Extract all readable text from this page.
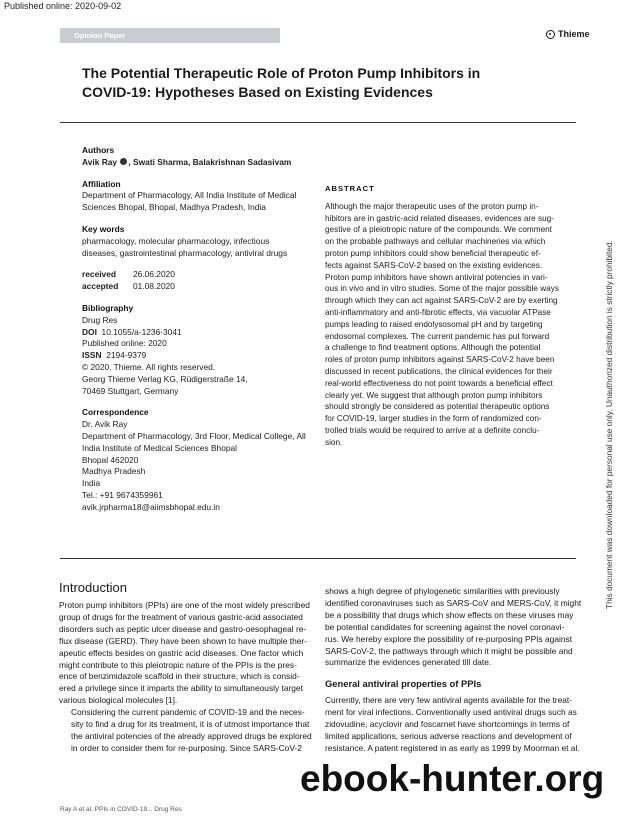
Published online: 2020-09-02
Opinion Paper	Thieme
The Potential Therapeutic Role of Proton Pump Inhibitors in
COVID-19: Hypotheses Based on Existing Evidences
Authors
Avik Ray , Swati Sharma, Balakrishnan Sadasivam
Affiliation
Department of Pharmacology, All India Institute of Medical
Sciences Bhopal, Bhopal, Madhya Pradesh, India
Key words
pharmacology, molecular pharmacology, infectious
diseases, gastrointestinal pharmacology, antiviral drugs
received	26.06.2020
accepted	01.08.2020
Bibliography
Drug Res
DOI 10.1055/a-1236-3041
Published online: 2020
ISSN 2194-9379
© 2020. Thieme. All rights reserved.
Georg Thieme Verlag KG, Rüdigerstraße 14,
70469 Stuttgart, Germany
Correspondence
Dr. Avik Ray
Department of Pharmacology, 3rd Floor, Medical College, All
India Institute of Medical Sciences Bhopal
Bhopal 462020
Madhya Pradesh
India
Tel.: +91 9674359961
avik.jrpharma18@aiimsbhopal.edu.in
ABSTRACT
Although the major therapeutic uses of the proton pump in-
hibitors are in gastric-acid related diseases, evidences are sug-
gestive of a pleiotropic nature of the compounds. We comment
on the probable pathways and cellular machineries via which
proton pump inhibitors could show beneficial therapeutic ef-
fects against SARS-CoV-2 based on the existing evidences.
Proton pump inhibitors have shown antiviral potencies in vari-
ous in vivo and in vitro studies. Some of the major possible ways
through which they can act against SARS-CoV-2 are by exerting
anti-inflammatory and anti-fibrotic effects, via vacuolar ATPase
pumps leading to raised endolysosomal pH and by targeting
endosomal complexes. The current pandemic has put forward
a challenge to find treatment options. Although the potential
roles of proton pump inhibitors against SARS-CoV-2 have been
discussed in recent publications, the clinical evidences for their
real-world effectiveness do not point towards a beneficial effect
clearly yet. We suggest that although proton pump inhibitors
should strongly be considered as potential therapeutic options
for COVID-19, larger studies in the form of randomized con-
trolled trials would be required to arrive at a definite conclu-
sion.	This document was downloaded for personal use only. Unauthorized distribution is strictly prohibited.
Introduction
Proton pump inhibitors (PPIs) are one of the most widely prescribed
group of drugs for the treatment of various gastric-acid associated
disorders such as peptic ulcer disease and gastro-oesophageal re-
flux disease (GERD). They have been shown to have multiple ther-
apeutic effects besides on gastric acid diseases. One factor which
might contribute to this pleiotropic nature of the PPIs is the pres-
ence of benzimidazole scaffold in their structure, which is consid-
ered a privilege since it imparts the ability to simultaneously target
various biological molecules [1].
Considering the current pandemic of COVID-19 and the neces-
sity to find a drug for its treatment, it is of utmost importance that
the antiviral potencies of the already approved drugs be explored
in order to consider them for re-purposing. Since SARS-CoV-2
shows a high degree of phylogenetic similarities with previously
identified coronaviruses such as SARS-CoV and MERS-CoV, it might
be a possibility that drugs which show effects on these viruses may
be potential candidates for screening against the novel coronavi-
rus. We hereby explore the possibility of re-purposing PPIs against
SARS-CoV-2, the pathways through which it might be possible and
summarize the evidences generated till date.
General antiviral properties of PPIs
Currently, there are very few antiviral agents available for the treat-
ment for viral infections. Conventionally used antiviral drugs such as
zidovudine, acyclovir and foscarnet have shortcomings in terms of
limited applications, serious adverse reactions and development of
resistance. A patent registered in as early as 1999 by Moorman et al.
Ray A et al. PPIs in COVID-19... Drug Res
ebook-hunter.org
